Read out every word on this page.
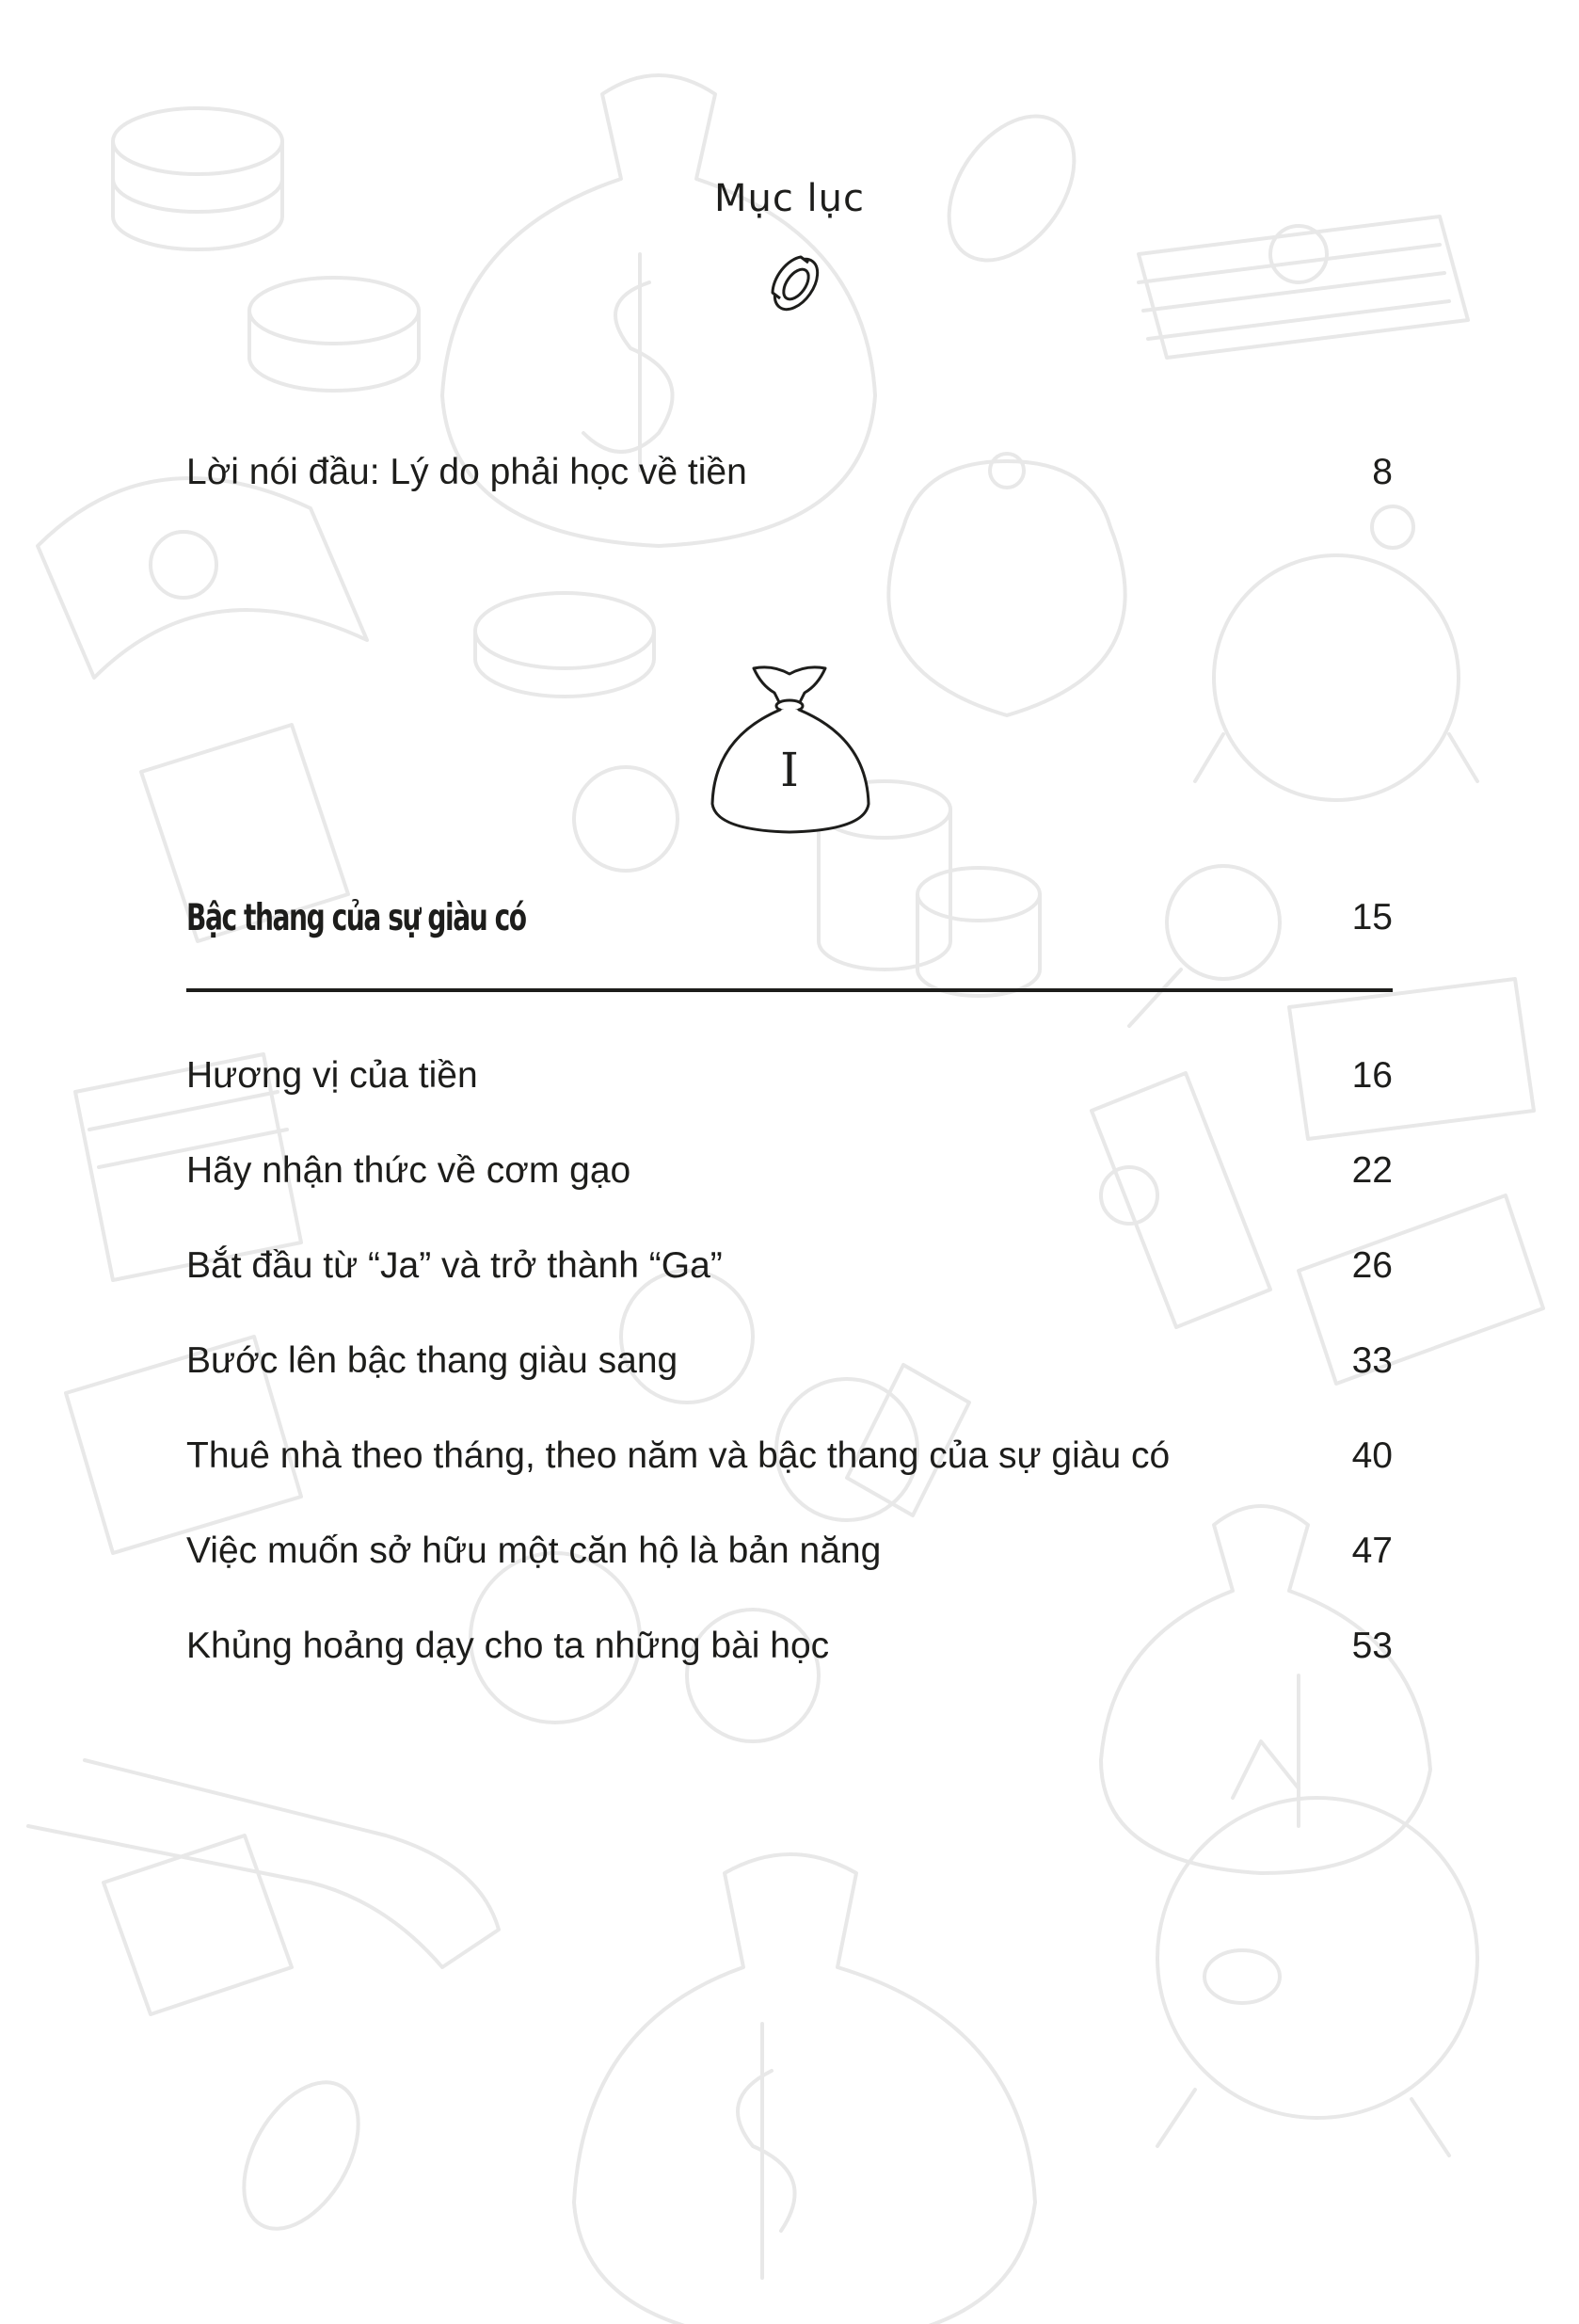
Mục lục
Lời nói đầu: Lý do phải học về tiền	8
I
Bậc thang của sự giàu có	15
Hương vị của tiền	16
Hãy nhận thức về cơm gạo	22
Bắt đầu từ “Ja” và trở thành “Ga”	26
Bước lên bậc thang giàu sang	33
Thuê nhà theo tháng, theo năm và bậc thang của sự giàu có	40
Việc muốn sở hữu một căn hộ là bản năng	47
Khủng hoảng dạy cho ta những bài học	53
